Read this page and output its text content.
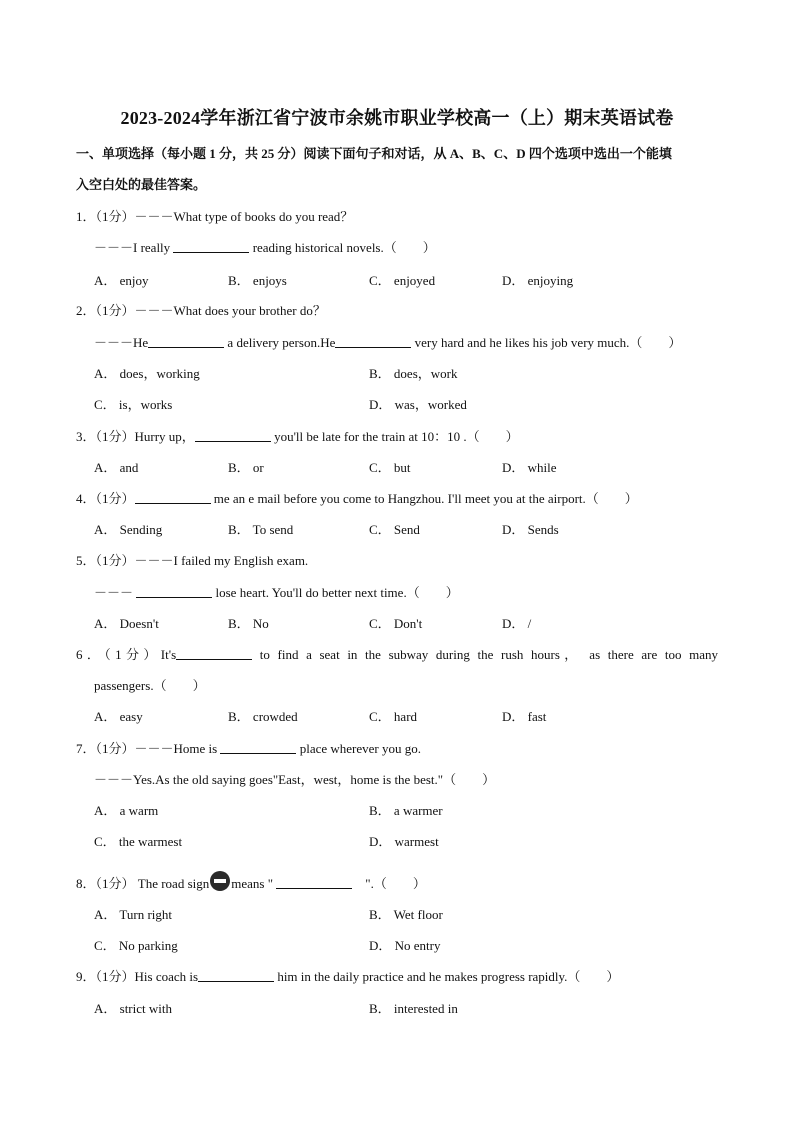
2023-2024学年浙江省宁波市余姚市职业学校高一（上）期末英语试卷
一、单项选择（每小题 1 分，共 25 分）阅读下面句子和对话，从 A、B、C、D 四个选项中选出一个能填
入空白处的最佳答案。
1．（1分）－－－What type of books do you read？
－－－I really	reading historical novels.（　　）
A． enjoy	B． enjoys	C． enjoyed	D． enjoying
2．（1分）－－－What does your brother do？
－－－He	a delivery person.He	very hard and he likes his job very much.（　　）
A． does，working	B． does，work
C． is，works	D． was，worked
3．（1分）Hurry up，	you'll be late for the train at 10：10 .（　　）
A． and	B． or	C． but	D． while
4．（1分）	me an e mail before you come to Hangzhou. I'll meet you at the airport.（　　）
A． Sending	B． To send	C． Send	D． Sends
5．（1分）－－－I failed my English exam.
－－－	lose heart. You'll do better next time.（　　）
A． Doesn't	B． No	C． Don't	D． /
6．（1分）It's	to find a seat in the subway during the rush hours， as there are too many
passengers.（　　）
A． easy	B． crowded	C． hard	D． fast
7．（1分）－－－Home is	place wherever you go.
－－－Yes.As the old saying goes"East，west，home is the best."（　　）
A． a warm	B． a warmer
C． the warmest	D． warmest
8．（1分） The road sign means "	".（　　）
A． Turn right	B． Wet floor
C． No parking	D． No entry
9．（1分）His coach is	him in the daily practice and he makes progress rapidly.（　　）
A． strict with	B． interested in
